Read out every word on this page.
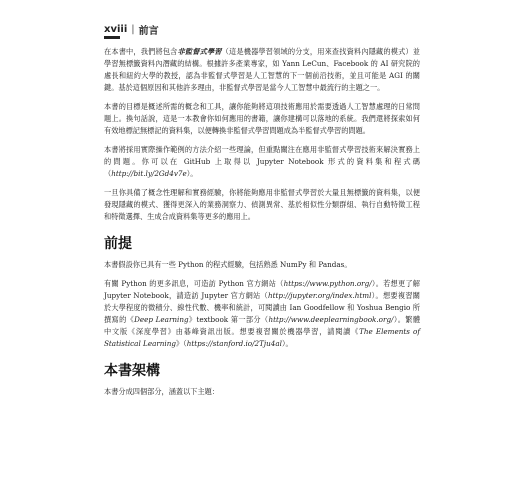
xviii | 前言

在本書中，我們將包含非監督式學習（這是機器學習領域的分支，用來查找資料內隱藏的模式）並學習無標籤資料內潛藏的結構。根據許多產業專家，如 Yann LeCun、Facebook 的 AI 研究院的處長和紐約大學的教授，認為非監督式學習是人工智慧的下一個前沿技術，並且可能是 AGI 的關鍵。基於這個原因和其他許多理由，非監督式學習是當今人工智慧中最流行的主題之一。

本書的目標是概述所需的概念和工具，讓你能夠將這項技術應用於需要透過人工智慧處理的日常問題上。換句話說，這是一本教會你如何應用的書籍，讓你建構可以落地的系統。我們還將探索如何有效地標記無標記的資料集，以便轉換非監督式學習問題成為半監督式學習的問題。

本書將採用實際操作範例的方法介紹一些理論，但重點關注在應用非監督式學習技術來解決實務上的問題。你可以在 GitHub 上取得以 Jupyter Notebook 形式的資料集和程式碼（http://bit.ly/2Gd4v7e）。

一旦你具備了概念性理解和實務經驗，你將能夠應用非監督式學習於大量且無標籤的資料集，以便發現隱藏的模式、獲得更深入的業務洞察力、偵測異常、基於相似性分類群組、執行自動特徵工程和特徵選擇、生成合成資料集等更多的應用上。

前提

本書假設你已具有一些 Python 的程式經驗，包括熟悉 NumPy 和 Pandas。

有關 Python 的更多訊息，可造訪 Python 官方網站（https://www.python.org/）。若想更了解 Jupyter Notebook，請造訪 Jupyter 官方網站（http://jupyter.org/index.html）。想要複習關於大學程度的微積分、線性代數、機率和統計，可閱讀由 Ian Goodfellow 和 Yoshua Bengio 所撰寫的《Deep Learning》textbook 第一部分（http://www.deeplearningbook.org/）。繁體中文版《深度學習》由碁峰資訊出版。想要複習關於機器學習，請閱讀《The Elements of Statistical Learning》（https://stanford.io/2Tju4al）。

本書架構

本書分成四個部分，涵蓋以下主題：
